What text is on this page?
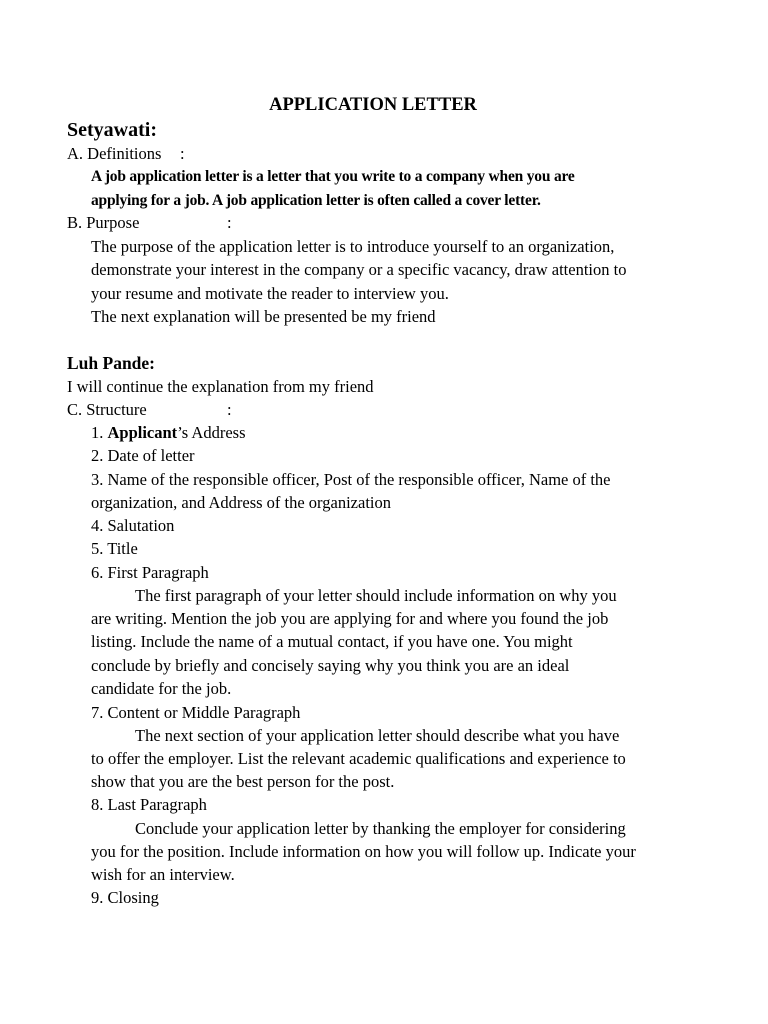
APPLICATION LETTER
Setyawati:
A. Definitions :
A job application letter is a letter that you write to a company when you are
applying for a job. A job application letter is often called a cover letter.
B. Purpose	:
The purpose of the application letter is to introduce yourself to an organization,
demonstrate your interest in the company or a specific vacancy, draw attention to
your resume and motivate the reader to interview you.
The next explanation will be presented be my friend
Luh Pande:
I will continue the explanation from my friend
C. Structure	:
1. Applicant’s Address
2. Date of letter
3. Name of the responsible officer, Post of the responsible officer, Name of the
organization, and Address of the organization
4. Salutation
5. Title
6. First Paragraph
The first paragraph of your letter should include information on why you
are writing. Mention the job you are applying for and where you found the job
listing. Include the name of a mutual contact, if you have one. You might
conclude by briefly and concisely saying why you think you are an ideal
candidate for the job.
7. Content or Middle Paragraph
The next section of your application letter should describe what you have
to offer the employer. List the relevant academic qualifications and experience to
show that you are the best person for the post.
8. Last Paragraph
Conclude your application letter by thanking the employer for considering
you for the position. Include information on how you will follow up. Indicate your
wish for an interview.
9. Closing
